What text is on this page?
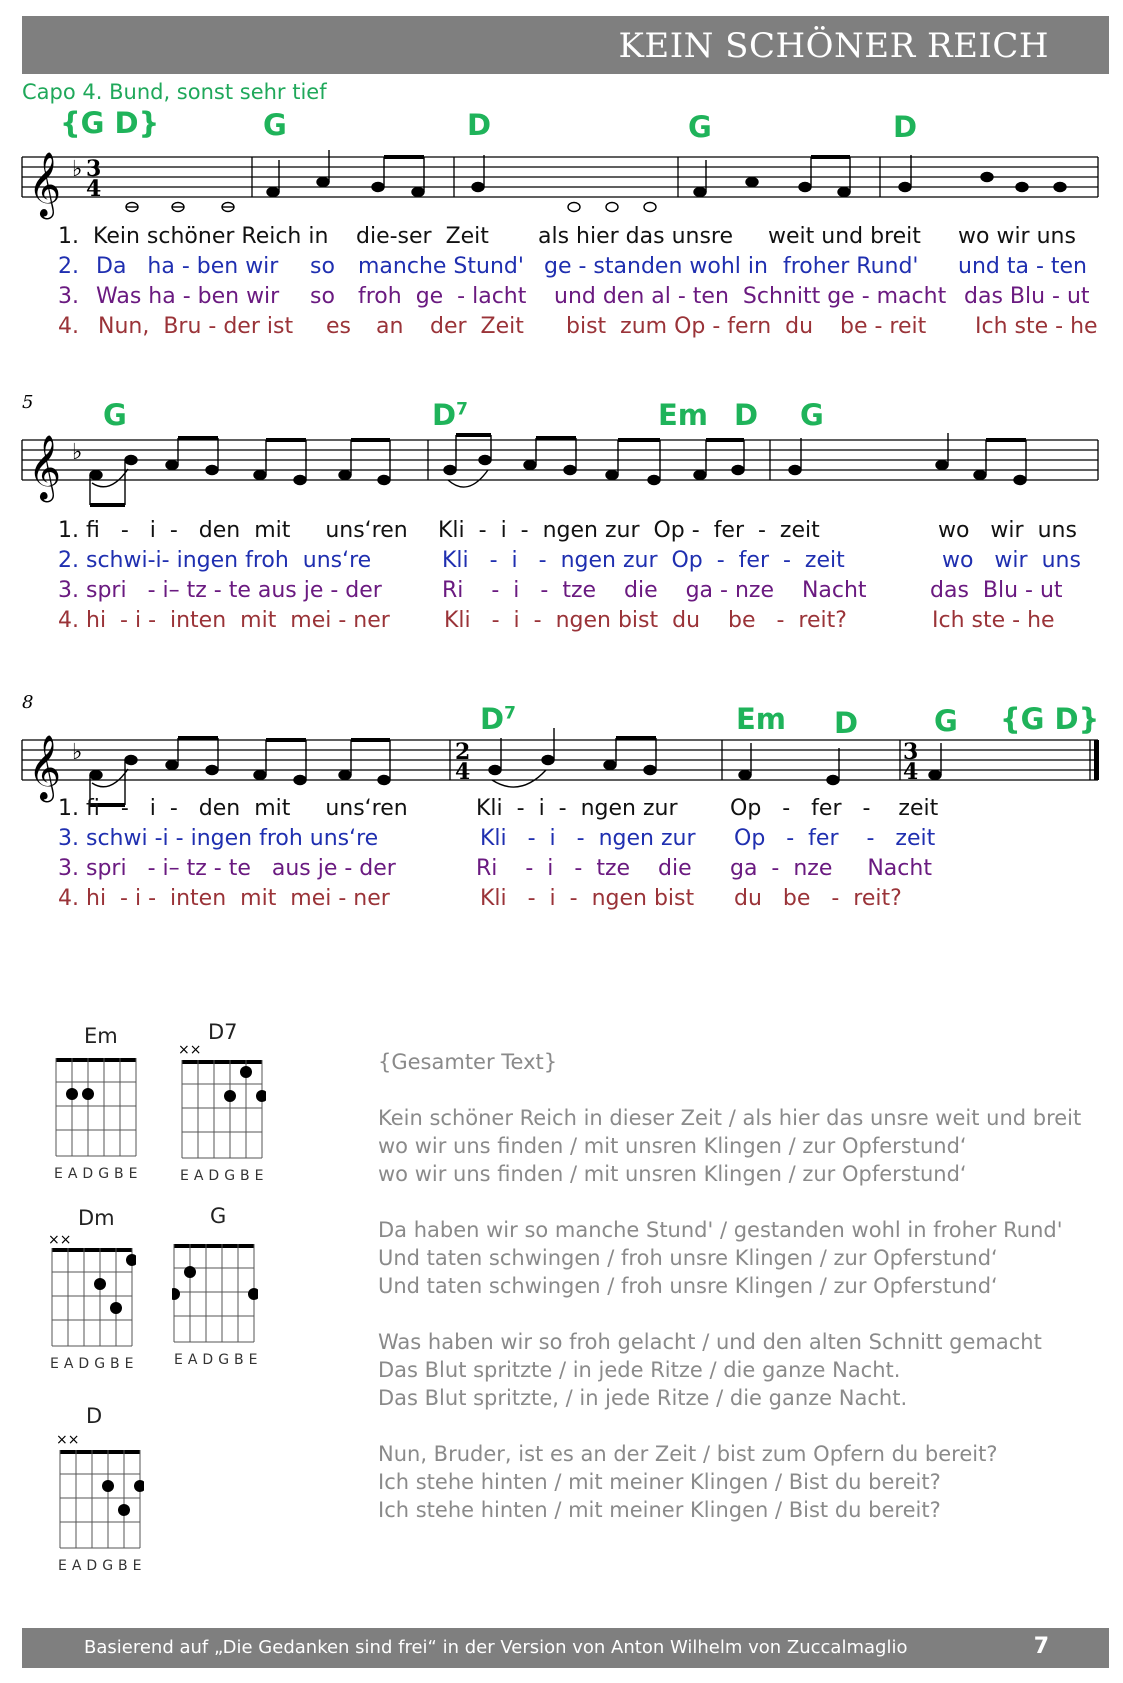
KEIN SCHÖNER REICH
Capo 4. Bund, sonst sehr tief
{G D}	G	D	G	D
𝄞 ♭ 3
4
1. Kein schöner Reich in die-ser  Zeit als hier das unsre weit und breit wo wir uns
2. Da   ha - ben wir so manche Stund' ge - standen wohl in froher Rund' und ta - ten
3. Was ha - ben wir so froh  ge  - lacht und den al - ten  Schnitt ge - macht das Blu - ut
4. Nun,  Bru - der ist es an der  Zeit bist  zum Op - fern  du be - reit Ich ste - he
5 G	$D^7$	Em D G
𝄞 ♭
1. fi   -   i  -   den  mit     uns‘ren Kli  -  i  -  ngen zur  Op -  fer  -  zeit	wo   wir  uns
2. schwi-i- ingen froh  uns‘re	Kli   -  i   -  ngen zur  Op  -  fer  -  zeit	wo   wir  uns
3. spri   - i– tz - te aus je - der	Ri    -  i   -  tze    die    ga - nze    Nacht	das  Blu - ut
4. hi  - i -  inten  mit  mei - ner Kli   -  i  -  ngen bist  du    be   -  reit?	Ich ste - he
8	$D^7$	Em D	G {G D}
𝄞 ♭	2
4
3
4
1. fi   -   i  -   den  mit     uns‘ren	Kli  -  i  -  ngen zur Op   -   fer   -    zeit
3. schwi -i - ingen froh uns‘re	Kli   -  i   -  ngen zur Op   -  fer    -   zeit
3. spri   - i– tz - te   aus je - der	Ri    -  i   -  tze    die ga  -  nze     Nacht
4. hi  - i -  inten  mit  mei - ner	Kli   -  i  -  ngen bist du   be   -  reit?
Em
EADGBE
D7
××
EADGBE
Dm
××
EADGBE
G
EADGBE
D
××
EADGBE
{Gesamter Text}
Kein schöner Reich in dieser Zeit / als hier das unsre weit und breit
wo wir uns finden / mit unsren Klingen / zur Opferstund‘
wo wir uns finden / mit unsren Klingen / zur Opferstund‘
Da haben wir so manche Stund' / gestanden wohl in froher Rund'
Und taten schwingen / froh unsre Klingen / zur Opferstund‘
Und taten schwingen / froh unsre Klingen / zur Opferstund‘
Was haben wir so froh gelacht / und den alten Schnitt gemacht
Das Blut spritzte / in jede Ritze / die ganze Nacht.
Das Blut spritzte, / in jede Ritze / die ganze Nacht.
Nun, Bruder, ist es an der Zeit / bist zum Opfern du bereit?
Ich stehe hinten / mit meiner Klingen / Bist du bereit?
Ich stehe hinten / mit meiner Klingen / Bist du bereit?
Basierend auf „Die Gedanken sind frei“ in der Version von Anton Wilhelm von Zuccalmaglio	7
